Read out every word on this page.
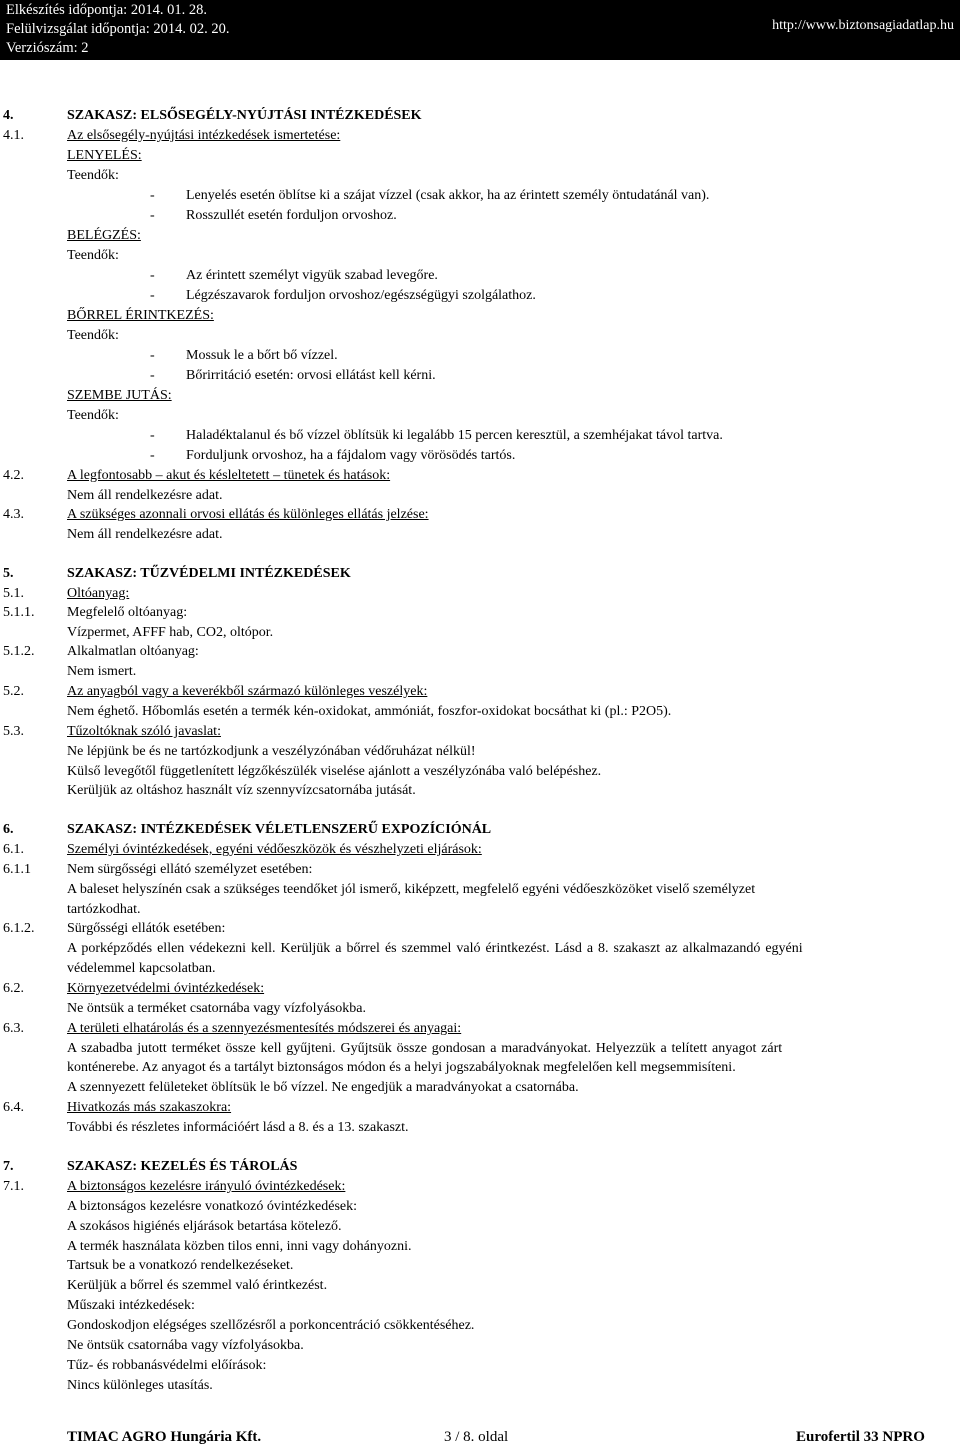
Elkészítés időpontja: 2014. 01. 28.
Felülvizsgálat időpontja: 2014. 02. 20.
Verziószám: 2
http://www.biztonsagiadatlap.hu
4.	SZAKASZ: ELSŐSEGÉLY-NYÚJTÁSI INTÉZKEDÉSEK
4.1.	Az elsősegély-nyújtási intézkedések ismertetése:
LENYELÉS:
Teendők:
- Lenyelés esetén öblítse ki a szájat vízzel (csak akkor, ha az érintett személy öntudatánál van).
- Rosszullét esetén forduljon orvoshoz.
BELÉGZÉS:
Teendők:
- Az érintett személyt vigyük szabad levegőre.
- Légzészavarok forduljon orvoshoz/egészségügyi szolgálathoz.
BŐRREL ÉRINTKEZÉS:
Teendők:
- Mossuk le a bőrt bő vízzel.
- Bőrirritáció esetén: orvosi ellátást kell kérni.
SZEMBE JUTÁS:
Teendők:
- Haladéktalanul és bő vízzel öblítsük ki legalább 15 percen keresztül, a szemhéjakat távol tartva.
- Forduljunk orvoshoz, ha a fájdalom vagy vörösödés tartós.
4.2.	A legfontosabb – akut és késleltetett – tünetek és hatások:
Nem áll rendelkezésre adat.
4.3.	A szükséges azonnali orvosi ellátás és különleges ellátás jelzése:
Nem áll rendelkezésre adat.
5.	SZAKASZ: TŰZVÉDELMI INTÉZKEDÉSEK
5.1.	Oltóanyag:
5.1.1. Megfelelő oltóanyag:
Vízpermet, AFFF hab, CO2, oltópor.
5.1.2. Alkalmatlan oltóanyag:
Nem ismert.
5.2.	Az anyagból vagy a keverékből származó különleges veszélyek:
Nem éghető. Hőbomlás esetén a termék kén-oxidokat, ammóniát, foszfor-oxidokat bocsáthat ki (pl.: P2O5).
5.3.	Tűzoltóknak szóló javaslat:
Ne lépjünk be és ne tartózkodjunk a veszélyzónában védőruházat nélkül!
Külső levegőtől függetlenített légzőkészülék viselése ajánlott a veszélyzónába való belépéshez.
Kerüljük az oltáshoz használt víz szennyvízcsatornába jutását.
6.	SZAKASZ: INTÉZKEDÉSEK VÉLETLENSZERŰ EXPOZÍCIÓNÁL
6.1.	Személyi óvintézkedések, egyéni védőeszközök és vészhelyzeti eljárások:
6.1.1	Nem sürgősségi ellátó személyzet esetében:
A baleset helyszínén csak a szükséges teendőket jól ismerő, kiképzett, megfelelő egyéni védőeszközöket viselő személyzet
tartózkodhat.
6.1.2. Sürgősségi ellátók esetében:
A porképződés ellen védekezni kell. Kerüljük a bőrrel és szemmel való érintkezést. Lásd a 8. szakaszt az alkalmazandó egyéni
védelemmel kapcsolatban.
6.2.	Környezetvédelmi óvintézkedések:
Ne öntsük a terméket csatornába vagy vízfolyásokba.
6.3.	A területi elhatárolás és a szennyezésmentesítés módszerei és anyagai:
A szabadba jutott terméket össze kell gyűjteni. Gyűjtsük össze gondosan a maradványokat. Helyezzük a telített anyagot zárt
konténerebe. Az anyagot és a tartályt biztonságos módon és a helyi jogszabályoknak megfelelően kell megsemmisíteni.
A szennyezett felületeket öblítsük le bő vízzel. Ne engedjük a maradványokat a csatornába.
6.4.	Hivatkozás más szakaszokra:
További és részletes információért lásd a 8. és a 13. szakaszt.
7.	SZAKASZ: KEZELÉS ÉS TÁROLÁS
7.1.	A biztonságos kezelésre irányuló óvintézkedések:
A biztonságos kezelésre vonatkozó óvintézkedések:
A szokásos higiénés eljárások betartása kötelező.
A termék használata közben tilos enni, inni vagy dohányozni.
Tartsuk be a vonatkozó rendelkezéseket.
Kerüljük a bőrrel és szemmel való érintkezést.
Műszaki intézkedések:
Gondoskodjon elégséges szellőzésről a porkoncentráció csökkentéséhez.
Ne öntsük csatornába vagy vízfolyásokba.
Tűz- és robbanásvédelmi előírások:
Nincs különleges utasítás.
TIMAC AGRO Hungária Kft.	3 / 8. oldal	Eurofertil 33 NPRO
